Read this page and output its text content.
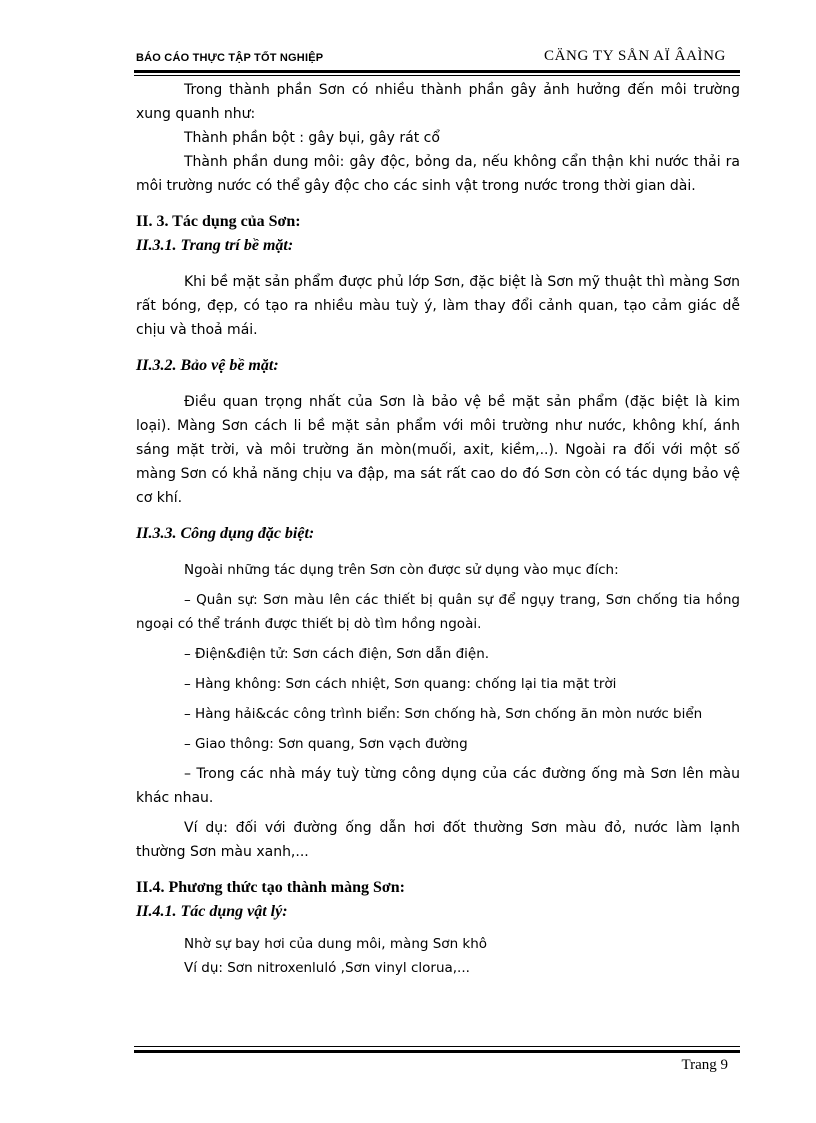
BÁO CÁO THỰC TẬP TỐT NGHIỆP	CÄNG TY SÅN AÏ ÂAÌNG

Trong thành phần Sơn có nhiều thành phần gây ảnh hưởng đến môi trường xung quanh như:

Thành phần bột : gây bụi, gây rát cổ

Thành phần dung môi: gây độc, bỏng da, nếu không cẩn thận khi nước thải ra môi trường nước có thể gây độc cho các sinh vật trong nước trong thời gian dài.

II. 3. Tác dụng của Sơn:
II.3.1. Trang trí bề mặt:

Khi bề mặt sản phẩm được phủ lớp Sơn, đặc biệt là Sơn mỹ thuật thì màng Sơn rất bóng, đẹp, có tạo ra nhiều màu tuỳ ý, làm thay đổi cảnh quan, tạo cảm giác dễ chịu và thoả mái.

II.3.2. Bảo vệ bề mặt:

Điều quan trọng nhất của Sơn là bảo vệ bề mặt sản phẩm (đặc biệt là kim loại). Màng Sơn cách li bề mặt sản phẩm với môi trường như nước, không khí, ánh sáng mặt trời, và môi trường ăn mòn(muối, axit, kiềm,..). Ngoài ra đối với một số màng Sơn có khả năng chịu va đập, ma sát rất cao do đó Sơn còn có tác dụng bảo vệ cơ khí.

II.3.3. Công dụng đặc biệt:

Ngoài những tác dụng trên Sơn còn được sử dụng vào mục đích:

– Quân sự: Sơn màu lên các thiết bị quân sự để ngụy trang, Sơn chống tia hồng ngoại có thể tránh được thiết bị dò tìm hồng ngoài.

– Điện&điện tử: Sơn cách điện, Sơn dẫn điện.

– Hàng không: Sơn cách nhiệt, Sơn quang: chống lại tia mặt trời

– Hàng hải&các công trình biển: Sơn chống hà, Sơn chống ăn mòn nước biển

– Giao thông: Sơn quang, Sơn vạch đường

– Trong các nhà máy tuỳ từng công dụng của các đường ống mà Sơn lên màu khác nhau.

Ví dụ: đối với đường ống dẫn hơi đốt thường Sơn màu đỏ, nước làm lạnh thường Sơn màu xanh,...

II.4. Phương thức tạo thành màng Sơn:
II.4.1. Tác dụng vật lý:

Nhờ sự bay hơi của dung môi, màng Sơn khô

Ví dụ: Sơn nitroxenluló ,Sơn vinyl clorua,...

Trang 9
